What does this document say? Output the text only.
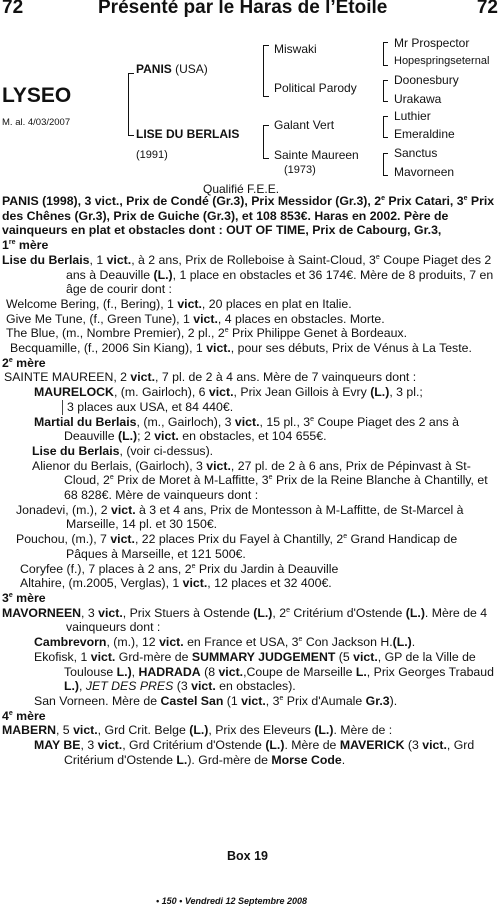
72	Présenté par le Haras de l’Etoile	72
LYSEO
M. al. 4/03/2007
PANIS (USA)
LISE DU BERLAIS
(1991)
Miswaki
Political Parody
Galant Vert
Sainte Maureen
(1973)
Mr Prospector
Hopespringseternal
Doonesbury
Urakawa
Luthier
Emeraldine
Sanctus
Mavorneen
Qualifié F.E.E.

PANIS (1998), 3 vict., Prix de Condé (Gr.3), Prix Messidor (Gr.3), 2e Prix Catari, 3e Prix des Chênes (Gr.3), Prix de Guiche (Gr.3), et 108 853€. Haras en 2002. Père de vainqueurs en plat et obstacles dont : OUT OF TIME, Prix de Cabourg, Gr.3,

1re mère

Lise du Berlais, 1 vict., à 2 ans, Prix de Rolleboise à Saint-Cloud, 3e Coupe Piaget des 2 ans à Deauville (L.), 1 place en obstacles et 36 174€. Mère de 8 produits, 7 en âge de courir dont :

Welcome Bering, (f., Bering), 1 vict., 20 places en plat en Italie.

Give Me Tune, (f., Green Tune), 1 vict., 4 places en obstacles. Morte.

The Blue, (m., Nombre Premier), 2 pl., 2e Prix Philippe Genet à Bordeaux.

Becquamille, (f., 2006 Sin Kiang), 1 vict., pour ses débuts, Prix de Vénus à La Teste.

2e mère

SAINTE MAUREEN, 2 vict., 7 pl. de 2 à 4 ans. Mère de 7 vainqueurs dont :

MAURELOCK, (m. Gairloch), 6 vict., Prix Jean Gillois à Evry (L.), 3 pl.;

3 places aux USA, et 84 440€.

Martial du Berlais, (m., Gairloch), 3 vict., 15 pl., 3e Coupe Piaget des 2 ans à Deauville (L.); 2 vict. en obstacles, et 104 655€.

Lise du Berlais, (voir ci-dessus).

Alienor du Berlais, (Gairloch), 3 vict., 27 pl. de 2 à 6 ans, Prix de Pépinvast à St-Cloud, 2e Prix de Moret à M-Laffitte, 3e Prix de la Reine Blanche à Chantilly, et 68 828€. Mère de vainqueurs dont :

Jonadevi, (m.), 2 vict. à 3 et 4 ans, Prix de Montesson à M-Laffitte, de St-Marcel à Marseille, 14 pl. et 30 150€.

Pouchou, (m.), 7 vict., 22 places Prix du Fayel à Chantilly, 2e Grand Handicap de Pâques à Marseille, et 121 500€.

Coryfee (f.), 7 places à 2 ans, 2e Prix du Jardin à Deauville

Altahire, (m.2005, Verglas), 1 vict., 12 places et 32 400€.

3e mère

MAVORNEEN, 3 vict., Prix Stuers à Ostende (L.), 2e Critérium d'Ostende (L.). Mère de 4 vainqueurs dont :

Cambrevorn, (m.), 12 vict. en France et USA, 3e Con Jackson H.(L.).

Ekofisk, 1 vict. Grd-mère de SUMMARY JUDGEMENT (5 vict., GP de la Ville de Toulouse L.), HADRADA (8 vict.,Coupe de Marseille L., Prix Georges Trabaud L.), JET DES PRES (3 vict. en obstacles).

San Vorneen. Mère de Castel San (1 vict., 3e Prix d'Aumale Gr.3).

4e mère

MABERN, 5 vict., Grd Crit. Belge (L.), Prix des Eleveurs (L.). Mère de :

MAY BE, 3 vict., Grd Critérium d'Ostende (L.). Mère de MAVERICK (3 vict., Grd Critérium d'Ostende L.). Grd-mère de Morse Code.

Box 19
• 150 • Vendredi 12 Septembre 2008
